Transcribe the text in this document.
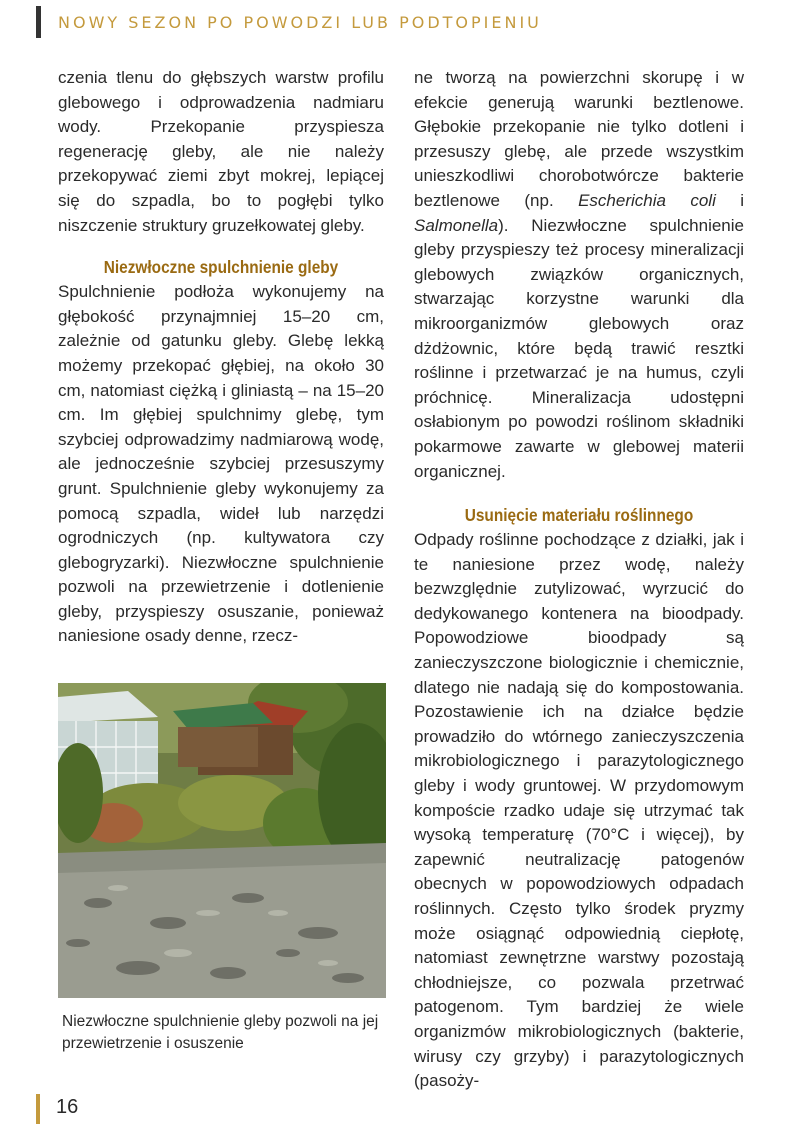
NOWY SEZON PO POWODZI LUB PODTOPIENIU

czenia tlenu do głębszych warstw profilu glebowego i odprowadzenia nadmiaru wody. Przekopanie przyspiesza regenerację gleby, ale nie należy przekopywać ziemi zbyt mokrej, lepiącej się do szpadla, bo to pogłębi tylko niszczenie struktury gruzełkowatej gleby.

Niezwłoczne spulchnienie gleby

Spulchnienie podłoża wykonujemy na głębokość przynajmniej 15–20 cm, zależnie od gatunku gleby. Glebę lekką możemy przekopać głębiej, na około 30 cm, natomiast ciężką i gliniastą – na 15–20 cm. Im głębiej spulchnimy glebę, tym szybciej odprowadzimy nadmiarową wodę, ale jednocześnie szybciej przesuszymy grunt. Spulchnienie gleby wykonujemy za pomocą szpadla, wideł lub narzędzi ogrodniczych (np. kultywatora czy glebogryzarki). Niezwłoczne spulchnienie pozwoli na przewietrzenie i dotlenienie gleby, przyspieszy osuszanie, ponieważ naniesione osady denne, rzecz-

Niezwłoczne spulchnienie gleby pozwoli na jej przewietrzenie i osuszenie

ne tworzą na powierzchni skorupę i w efekcie generują warunki beztlenowe. Głębokie przekopanie nie tylko dotleni i przesuszy glebę, ale przede wszystkim unieszkodliwi chorobotwórcze bakterie beztlenowe (np. Escherichia coli i Salmonella). Niezwłoczne spulchnienie gleby przyspieszy też procesy mineralizacji glebowych związków organicznych, stwarzając korzystne warunki dla mikroorganizmów glebowych oraz dżdżownic, które będą trawić resztki roślinne i przetwarzać je na humus, czyli próchnicę. Mineralizacja udostępni osłabionym po powodzi roślinom składniki pokarmowe zawarte w glebowej materii organicznej.

Usunięcie materiału roślinnego

Odpady roślinne pochodzące z działki, jak i te naniesione przez wodę, należy bezwzględnie zutylizować, wyrzucić do dedykowanego kontenera na bioodpady. Popowodziowe bioodpady są zanieczyszczone biologicznie i chemicznie, dlatego nie nadają się do kompostowania. Pozostawienie ich na działce będzie prowadziło do wtórnego zanieczyszczenia mikrobiologicznego i parazytologicznego gleby i wody gruntowej. W przydomowym kompoście rzadko udaje się utrzymać tak wysoką temperaturę (70°C i więcej), by zapewnić neutralizację patogenów obecnych w popowodziowych odpadach roślinnych. Często tylko środek pryzmy może osiągnąć odpowiednią ciepłotę, natomiast zewnętrzne warstwy pozostają chłodniejsze, co pozwala przetrwać patogenom. Tym bardziej że wiele organizmów mikrobiologicznych (bakterie, wirusy czy grzyby) i parazytologicznych (pasoży-

16
